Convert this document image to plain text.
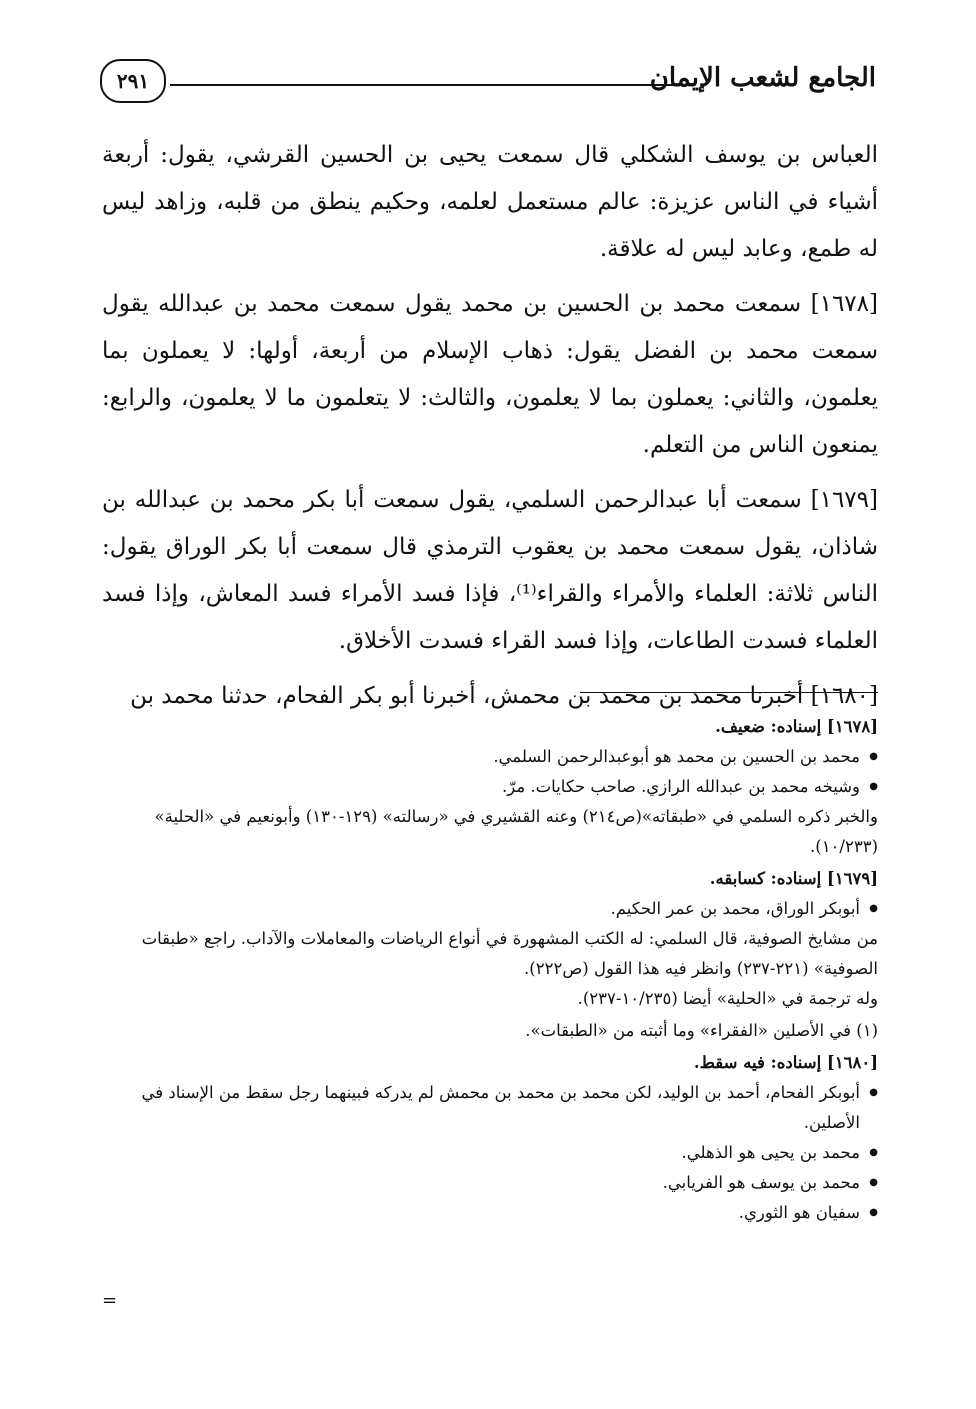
الجامع لشعب الإيمان
٢٩١

العباس بن يوسف الشكلي قال سمعت يحيى بن الحسين القرشي، يقول: أربعة أشياء في الناس عزيزة: عالم مستعمل لعلمه، وحكيم ينطق من قلبه، وزاهد ليس له طمع، وعابد ليس له علاقة.

[١٦٧٨] سمعت محمد بن الحسين بن محمد يقول سمعت محمد بن عبدالله يقول سمعت محمد بن الفضل يقول: ذهاب الإسلام من أربعة، أولها: لا يعملون بما يعلمون، والثاني: يعملون بما لا يعلمون، والثالث: لا يتعلمون ما لا يعلمون، والرابع: يمنعون الناس من التعلم.

[١٦٧٩] سمعت أبا عبدالرحمن السلمي، يقول سمعت أبا بكر محمد بن عبدالله بن شاذان، يقول سمعت محمد بن يعقوب الترمذي قال سمعت أبا بكر الوراق يقول: الناس ثلاثة: العلماء والأمراء والقراء⁽¹⁾، فإذا فسد الأمراء فسد المعاش، وإذا فسد العلماء فسدت الطاعات، وإذا فسد القراء فسدت الأخلاق.

[١٦٨٠] أخبرنا محمد بن محمد بن محمش، أخبرنا أبو بكر الفحام، حدثنا محمد بن

[١٦٧٨] إسناده: ضعيف.

● محمد بن الحسين بن محمد هو أبوعبدالرحمن السلمي.

● وشيخه محمد بن عبدالله الرازي. صاحب حكايات. مرّ.

والخبر ذكره السلمي في «طبقاته»(ص٢١٤) وعنه القشيري في «رسالته» (١٢٩-١٣٠) وأبونعيم في «الحلية» (١٠/٢٣٣).

[١٦٧٩] إسناده: كسابقه.

● أبوبكر الوراق، محمد بن عمر الحكيم.

من مشايخ الصوفية، قال السلمي: له الكتب المشهورة في أنواع الرياضات والمعاملات والآداب. راجع «طبقات الصوفية» (٢٢١-٢٣٧) وانظر فيه هذا القول (ص٢٢٢).

وله ترجمة في «الحلية» أيضا (١٠/٢٣٥-٢٣٧).

(١) في الأصلين «الفقراء» وما أثبته من «الطبقات».

[١٦٨٠] إسناده: فيه سقط.

● أبوبكر الفحام، أحمد بن الوليد، لكن محمد بن محمد بن محمش لم يدركه فبينهما رجل سقط من الإسناد في الأصلين.

● محمد بن يحيى هو الذهلي.

● محمد بن يوسف هو الفريابي.

● سفيان هو الثوري.

=
